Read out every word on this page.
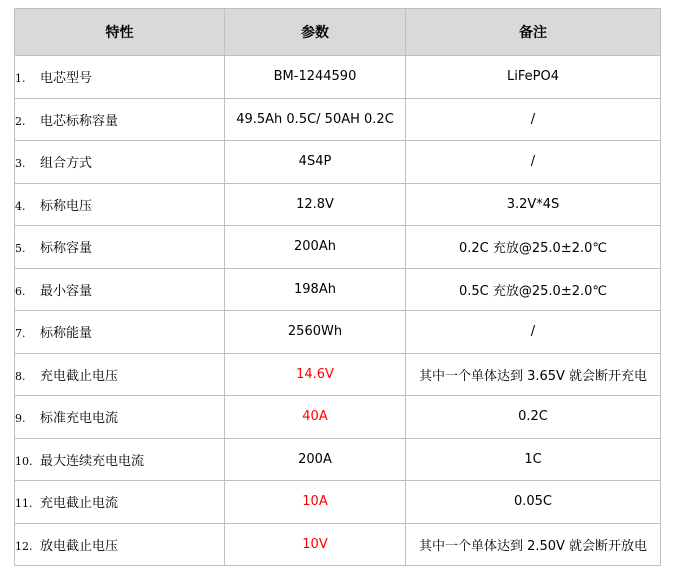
特性	参数	备注
1. 电芯型号	BM-1244590	LiFePO4
2. 电芯标称容量	49.5Ah 0.5C/ 50AH 0.2C	/
3. 组合方式	4S4P	/
4. 标称电压	12.8V	3.2V*4S
5. 标称容量	200Ah	0.2C 充放@25.0±2.0℃
6. 最小容量	198Ah	0.5C 充放@25.0±2.0℃
7. 标称能量	2560Wh	/
8. 充电截止电压	14.6V	其中一个单体达到 3.65V 就会断开充电
9. 标准充电电流	40A	0.2C
10. 最大连续充电电流	200A	1C
11. 充电截止电流	10A	0.05C
12. 放电截止电压	10V	其中一个单体达到 2.50V 就会断开放电
